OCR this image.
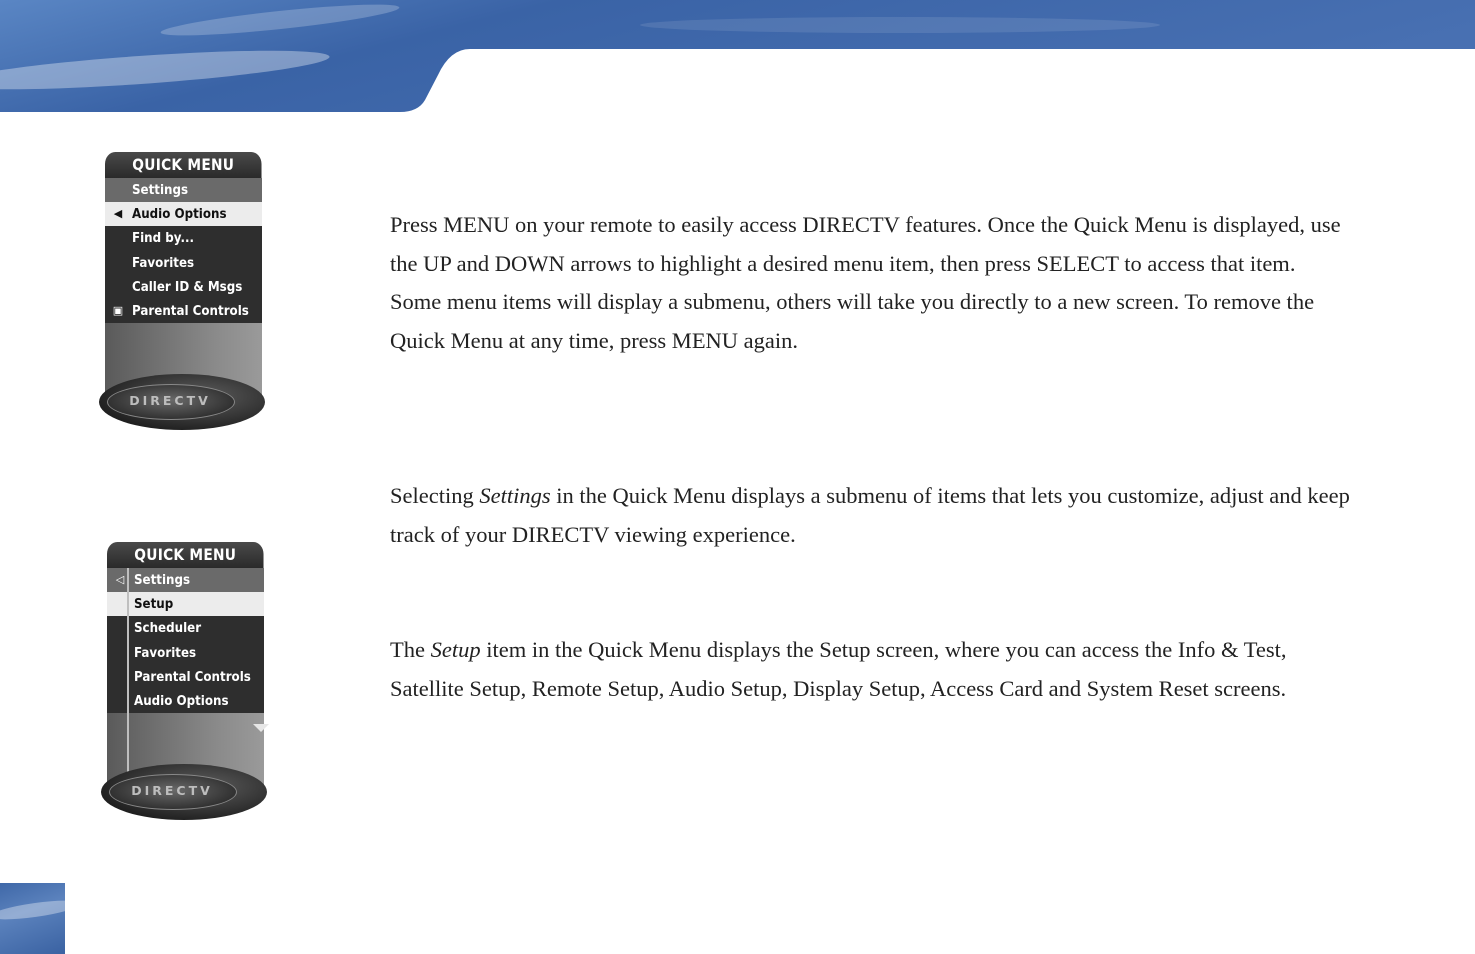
QUICK MENU
Settings
◀ Audio Options
Find by...
Favorites
Caller ID & Msgs
▣ Parental Controls
DIRECTV
QUICK MENU
◁ Settings
Setup
Scheduler
Favorites
Parental Controls
Audio Options
DIRECTV

Press MENU on your remote to easily access DIRECTV features. Once the Quick Menu is displayed, use the UP and DOWN arrows to highlight a desired menu item, then press SELECT to access that item. Some menu items will display a submenu, others will take you directly to a new screen. To remove the Quick Menu at any time, press MENU again.

Selecting Settings in the Quick Menu displays a submenu of items that lets you customize, adjust and keep track of your DIRECTV viewing experience.

The Setup item in the Quick Menu displays the Setup screen, where you can access the Info & Test, Satellite Setup, Remote Setup, Audio Setup, Display Setup, Access Card and System Reset screens.
